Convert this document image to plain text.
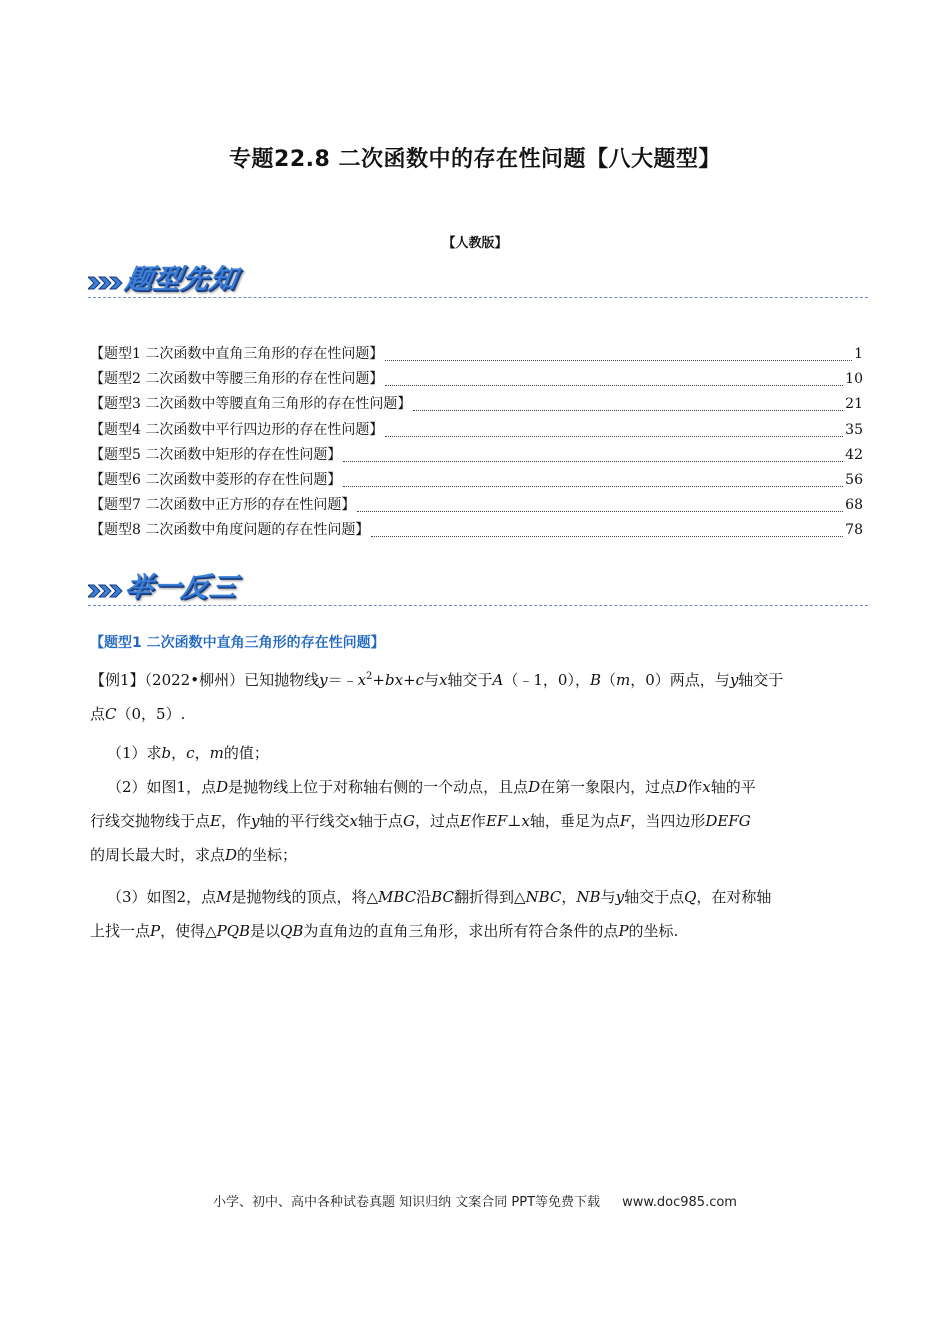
专题22.8 二次函数中的存在性问题【八大题型】
【人教版】
题型先知
【题型1 二次函数中直角三角形的存在性问题】	1
【题型2 二次函数中等腰三角形的存在性问题】	10
【题型3 二次函数中等腰直角三角形的存在性问题】	21
【题型4 二次函数中平行四边形的存在性问题】	35
【题型5 二次函数中矩形的存在性问题】	42
【题型6 二次函数中菱形的存在性问题】	56
【题型7 二次函数中正方形的存在性问题】	68
【题型8 二次函数中角度问题的存在性问题】	78
举一反三
【题型1 二次函数中直角三角形的存在性问题】
【例1】（2022•柳州）已知抛物线$y=﹣x^2+bx+c$与x轴交于A（﹣1，0），B（m，0）两点，与y轴交于
点C（0，5）.
（1）求b，c，m的值；
（2）如图1，点D是抛物线上位于对称轴右侧的一个动点，且点D在第一象限内，过点D作x轴的平
行线交抛物线于点E，作y轴的平行线交x轴于点G，过点E作EF⊥x轴，垂足为点F，当四边形DEFG
的周长最大时，求点D的坐标；
（3）如图2，点M是抛物线的顶点，将△MBC沿BC翻折得到△NBC，NB与y轴交于点Q，在对称轴
上找一点P，使得△PQB是以QB为直角边的直角三角形，求出所有符合条件的点P的坐标.
小学、初中、高中各种试卷真题 知识归纳 文案合同 PPT等免费下载 www.doc985.com
